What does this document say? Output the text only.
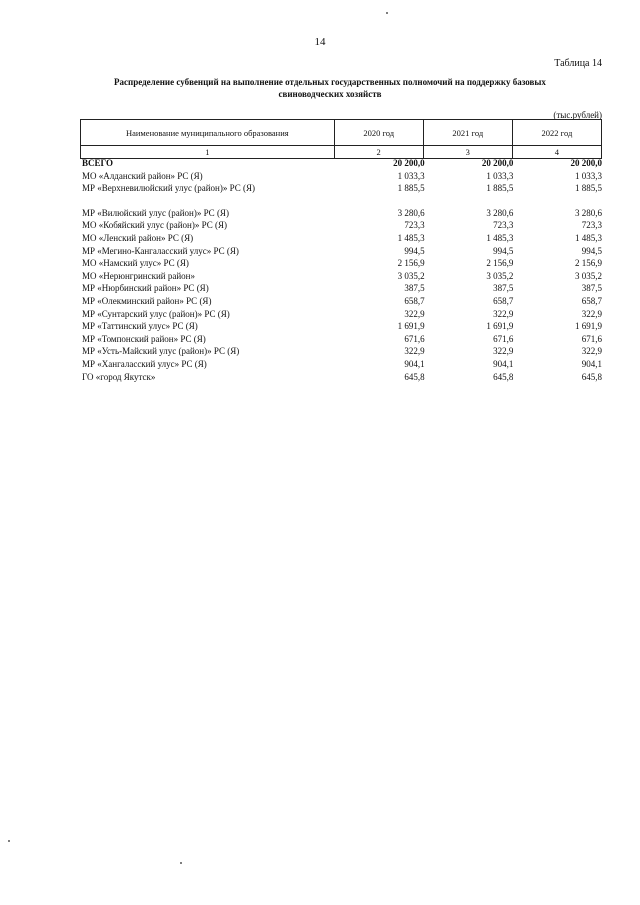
14
Таблица 14
Распределение субвенций на выполнение отдельных государственных полномочий на поддержку базовых
свиноводческих хозяйств
(тыс.рублей)
Наименование муниципального образования	2020 год	2021 год	2022 год
1	2	3	4
ВСЕГО	20 200,0	20 200,0	20 200,0
МО «Алданский район» РС (Я)	1 033,3	1 033,3	1 033,3
МР «Верхневилюйский улус (район)» РС (Я)	1 885,5	1 885,5	1 885,5
МР «Вилюйский улус (район)» РС (Я)	3 280,6	3 280,6	3 280,6
МО «Кобяйский улус (район)» РС (Я)	723,3	723,3	723,3
МО «Ленский район» РС (Я)	1 485,3	1 485,3	1 485,3
МР «Мегино-Кангаласский улус» РС (Я)	994,5	994,5	994,5
МО «Намский улус» РС (Я)	2 156,9	2 156,9	2 156,9
МО «Нерюнгринский район»	3 035,2	3 035,2	3 035,2
МР «Нюрбинский район» РС (Я)	387,5	387,5	387,5
МР «Олекминский район» РС (Я)	658,7	658,7	658,7
МР «Сунтарский улус (район)» РС (Я)	322,9	322,9	322,9
МР «Таттинский улус» РС (Я)	1 691,9	1 691,9	1 691,9
МР «Томпонский район» РС (Я)	671,6	671,6	671,6
МР «Усть-Майский улус (район)» РС (Я)	322,9	322,9	322,9
МР «Хангаласский улус» РС (Я)	904,1	904,1	904,1
ГО «город Якутск»	645,8	645,8	645,8
